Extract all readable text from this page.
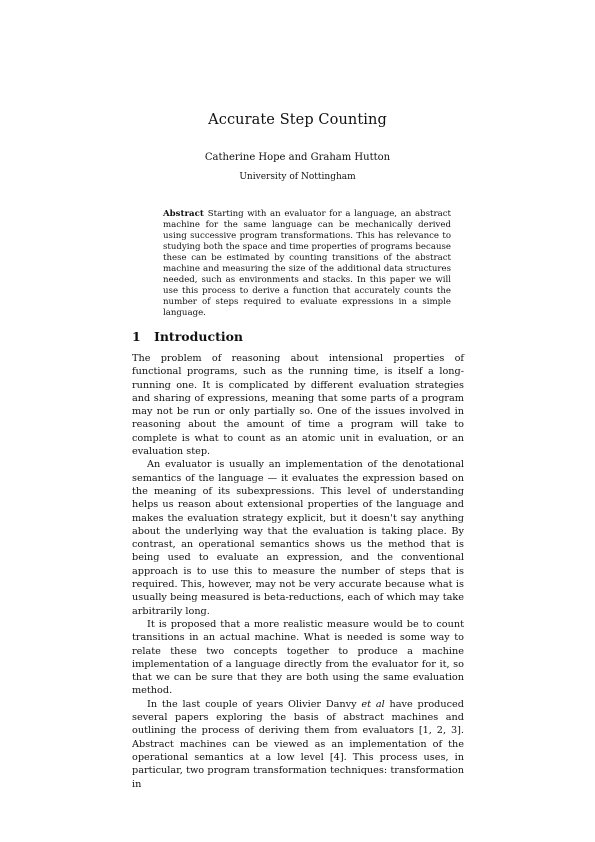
Accurate Step Counting
Catherine Hope and Graham Hutton
University of Nottingham
Abstract Starting with an evaluator for a language, an abstract machine for the same language can be mechanically derived using successive program transformations. This has relevance to studying both the space and time properties of programs because these can be estimated by counting transitions of the abstract machine and measuring the size of the additional data structures needed, such as environments and stacks. In this paper we will use this process to derive a function that accurately counts the number of steps required to evaluate expressions in a simple language.
1 Introduction

The problem of reasoning about intensional properties of functional programs, such as the running time, is itself a long-running one. It is complicated by different evaluation strategies and sharing of expressions, meaning that some parts of a program may not be run or only partially so. One of the issues involved in reasoning about the amount of time a program will take to complete is what to count as an atomic unit in evaluation, or an evaluation step.

An evaluator is usually an implementation of the denotational semantics of the language — it evaluates the expression based on the meaning of its subexpressions. This level of understanding helps us reason about extensional properties of the language and makes the evaluation strategy explicit, but it doesn't say anything about the underlying way that the evaluation is taking place. By contrast, an operational semantics shows us the method that is being used to evaluate an expression, and the conventional approach is to use this to measure the number of steps that is required. This, however, may not be very accurate because what is usually being measured is beta-reductions, each of which may take arbitrarily long.

It is proposed that a more realistic measure would be to count transitions in an actual machine. What is needed is some way to relate these two concepts together to produce a machine implementation of a language directly from the evaluator for it, so that we can be sure that they are both using the same evaluation method.

In the last couple of years Olivier Danvy et al have produced several papers exploring the basis of abstract machines and outlining the process of deriving them from evaluators [1, 2, 3]. Abstract machines can be viewed as an implementation of the operational semantics at a low level [4]. This process uses, in particular, two program transformation techniques: transformation in
